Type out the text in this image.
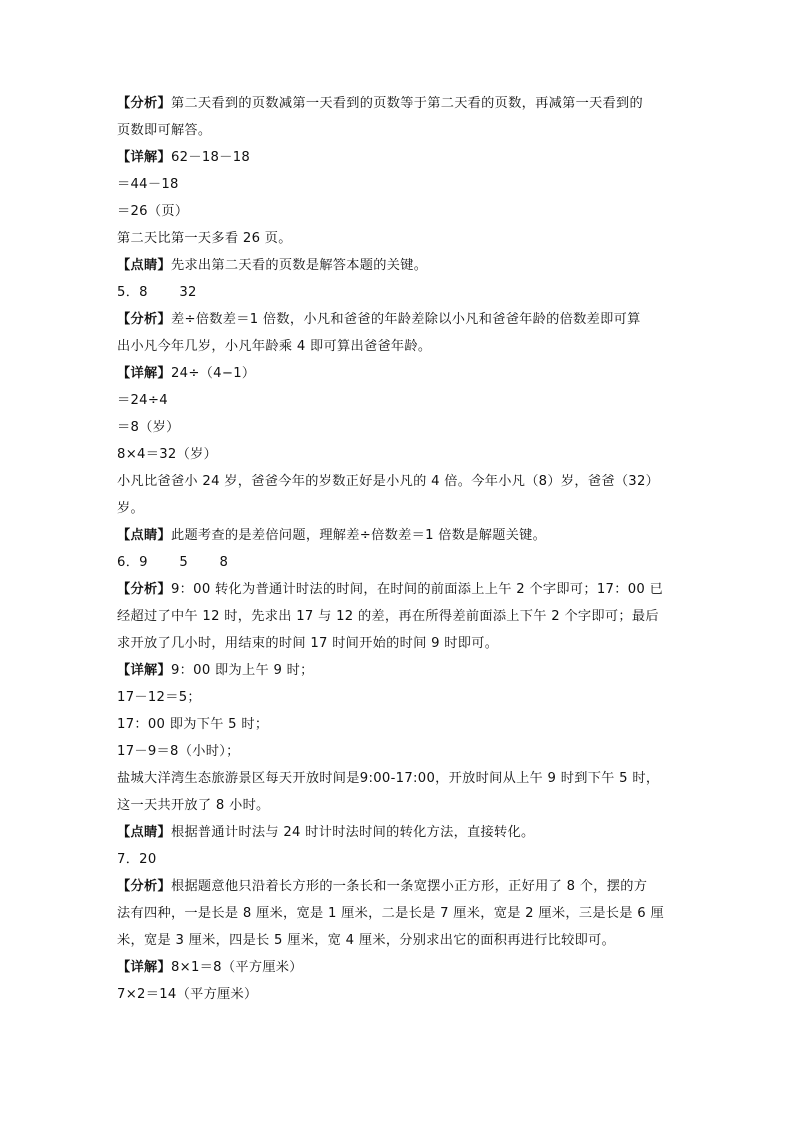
【分析】第二天看到的页数减第一天看到的页数等于第二天看的页数，再减第一天看到的
页数即可解答。
【详解】62－18－18
＝44－18
＝26（页）
第二天比第一天多看 26 页。
【点睛】先求出第二天看的页数是解答本题的关键。
5．8　　 32
【分析】差÷倍数差＝1 倍数，小凡和爸爸的年龄差除以小凡和爸爸年龄的倍数差即可算
出小凡今年几岁，小凡年龄乘 4 即可算出爸爸年龄。
【详解】24÷（4−1）
＝24÷4
＝8（岁）
8×4＝32（岁）
小凡比爸爸小 24 岁，爸爸今年的岁数正好是小凡的 4 倍。今年小凡（8）岁，爸爸（32）
岁。
【点睛】此题考查的是差倍问题，理解差÷倍数差＝1 倍数是解题关键。
6．9　　 5　　 8
【分析】9：00 转化为普通计时法的时间，在时间的前面添上上午 2 个字即可；17：00 已
经超过了中午 12 时，先求出 17 与 12 的差，再在所得差前面添上下午 2 个字即可；最后
求开放了几小时，用结束的时间 17 时间开始的时间 9 时即可。
【详解】9：00 即为上午 9 时；
17－12＝5；
17：00 即为下午 5 时；
17－9＝8（小时）；
盐城大洋湾生态旅游景区每天开放时间是9:00-17:00，开放时间从上午 9 时到下午 5 时，
这一天共开放了 8 小时。
【点睛】根据普通计时法与 24 时计时法时间的转化方法，直接转化。
7．20
【分析】根据题意他只沿着长方形的一条长和一条宽摆小正方形，正好用了 8 个，摆的方
法有四种，一是长是 8 厘米，宽是 1 厘米，二是长是 7 厘米，宽是 2 厘米，三是长是 6 厘
米，宽是 3 厘米，四是长 5 厘米，宽 4 厘米，分别求出它的面积再进行比较即可。
【详解】8×1＝8（平方厘米）
7×2＝14（平方厘米）
